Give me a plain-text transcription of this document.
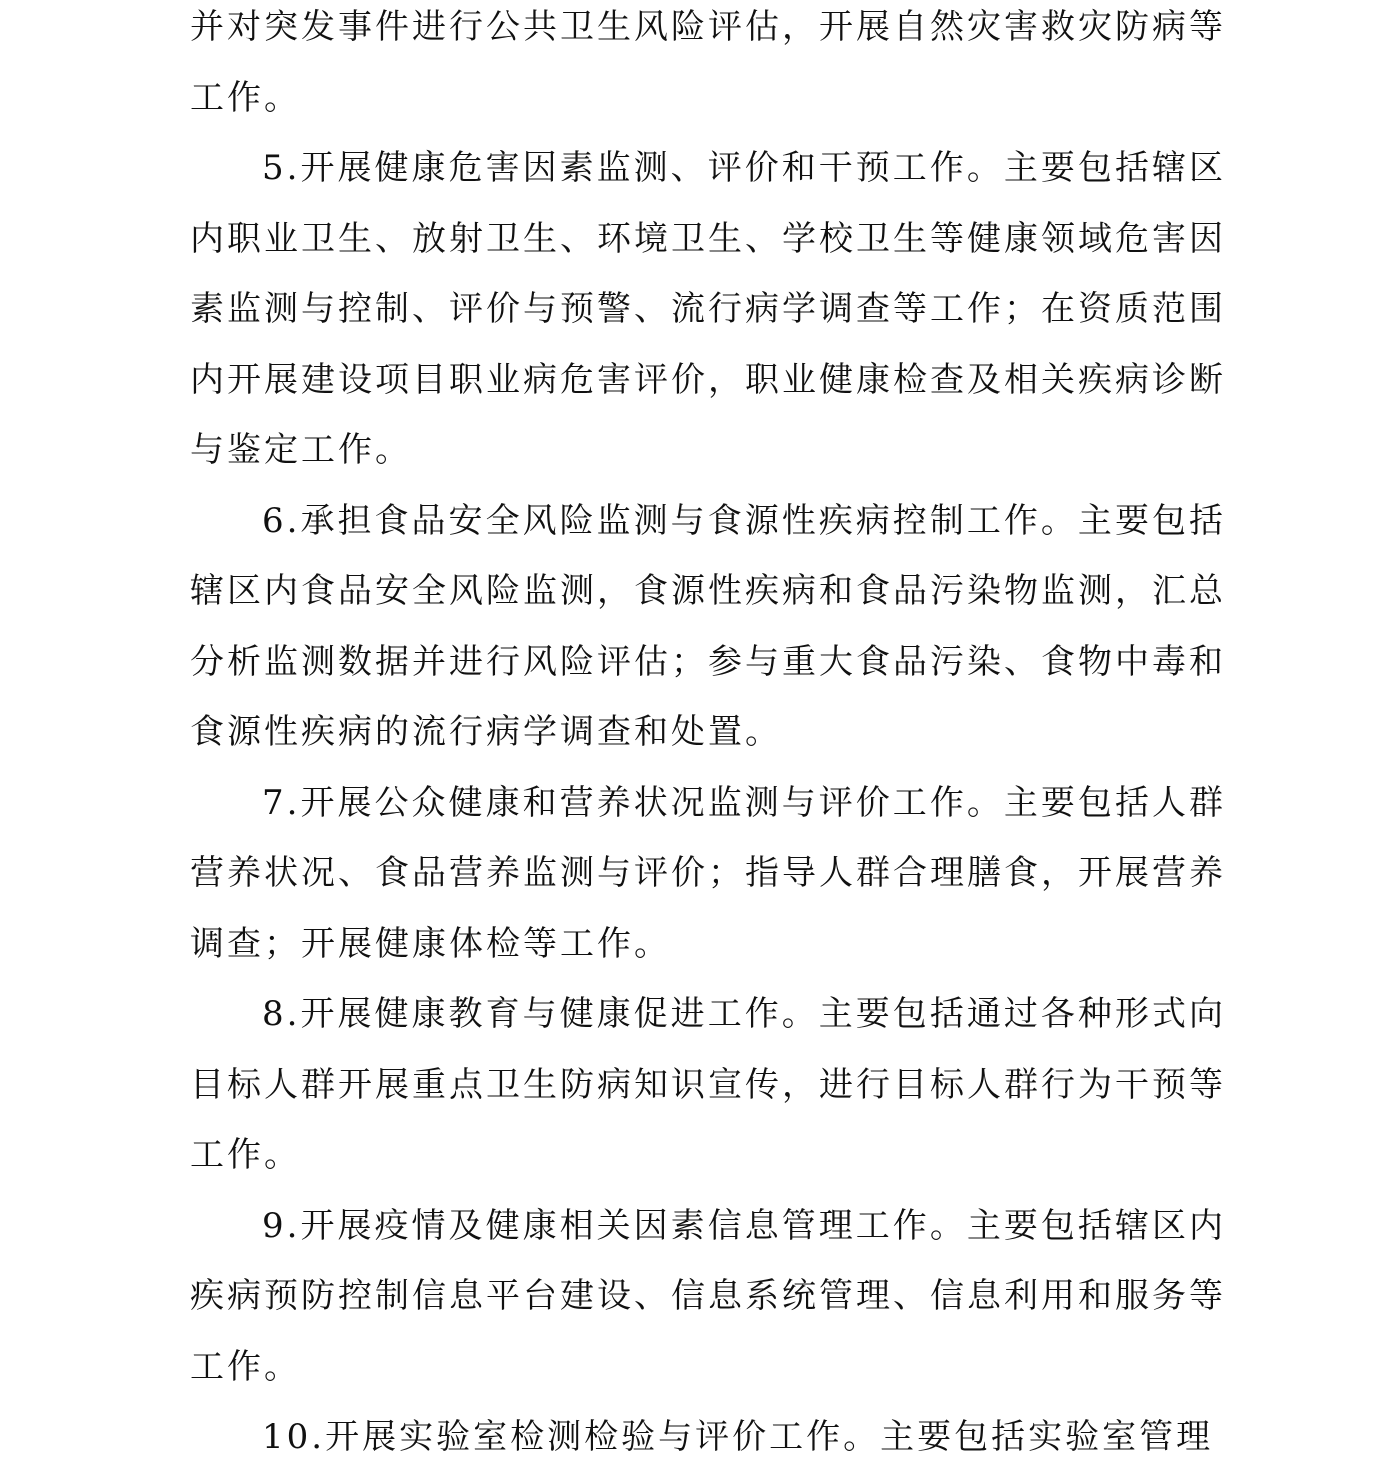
并对突发事件进行公共卫生风险评估，开展自然灾害救灾防病等工作。

5.开展健康危害因素监测、评价和干预工作。主要包括辖区内职业卫生、放射卫生、环境卫生、学校卫生等健康领域危害因素监测与控制、评价与预警、流行病学调查等工作；在资质范围内开展建设项目职业病危害评价，职业健康检查及相关疾病诊断与鉴定工作。

6.承担食品安全风险监测与食源性疾病控制工作。主要包括辖区内食品安全风险监测，食源性疾病和食品污染物监测，汇总分析监测数据并进行风险评估；参与重大食品污染、食物中毒和食源性疾病的流行病学调查和处置。

7.开展公众健康和营养状况监测与评价工作。主要包括人群营养状况、食品营养监测与评价；指导人群合理膳食，开展营养调查；开展健康体检等工作。

8.开展健康教育与健康促进工作。主要包括通过各种形式向目标人群开展重点卫生防病知识宣传，进行目标人群行为干预等工作。

9.开展疫情及健康相关因素信息管理工作。主要包括辖区内疾病预防控制信息平台建设、信息系统管理、信息利用和服务等工作。

10.开展实验室检测检验与评价工作。主要包括实验室管理
